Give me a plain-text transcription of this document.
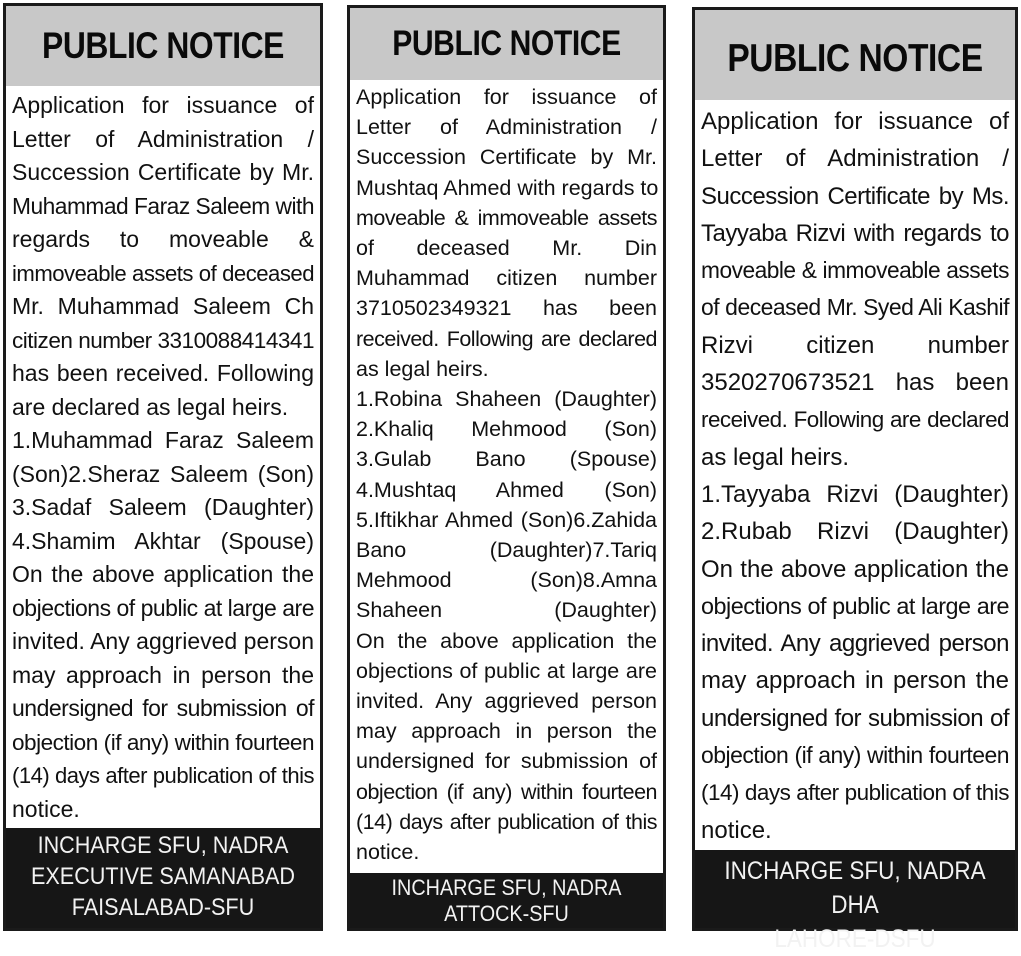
PUBLIC NOTICE
Application for issuance of
Letter of Administration /
Succession Certificate by Mr.
Muhammad Faraz Saleem with
regards to moveable &
immoveable assets of deceased
Mr. Muhammad Saleem Ch
citizen number 3310088414341
has been received. Following
are declared as legal heirs.
1.Muhammad Faraz Saleem
(Son)2.Sheraz Saleem (Son)
3.Sadaf Saleem (Daughter)
4.Shamim Akhtar (Spouse)
On the above application the
objections of public at large are
invited. Any aggrieved person
may approach in person the
undersigned for submission of
objection (if any) within fourteen
(14) days after publication of this
notice.
INCHARGE SFU, NADRA
EXECUTIVE SAMANABAD
FAISALABAD-SFU
PUBLIC NOTICE
Application for issuance of
Letter of Administration /
Succession Certificate by Mr.
Mushtaq Ahmed with regards to
moveable & immoveable assets
of deceased Mr. Din
Muhammad citizen number
3710502349321 has been
received. Following are declared
as legal heirs.
1.Robina Shaheen (Daughter)
2.Khaliq Mehmood (Son)
3.Gulab Bano (Spouse)
4.Mushtaq Ahmed (Son)
5.Iftikhar Ahmed (Son)6.Zahida
Bano (Daughter)7.Tariq
Mehmood (Son)8.Amna
Shaheen (Daughter)
On the above application the
objections of public at large are
invited. Any aggrieved person
may approach in person the
undersigned for submission of
objection (if any) within fourteen
(14) days after publication of this
notice.
INCHARGE SFU, NADRA
ATTOCK-SFU
PUBLIC NOTICE
Application for issuance of
Letter of Administration /
Succession Certificate by Ms.
Tayyaba Rizvi with regards to
moveable & immoveable assets
of deceased Mr. Syed Ali Kashif
Rizvi citizen number
3520270673521 has been
received. Following are declared
as legal heirs.
1.Tayyaba Rizvi (Daughter)
2.Rubab Rizvi (Daughter)
On the above application the
objections of public at large are
invited. Any aggrieved person
may approach in person the
undersigned for submission of
objection (if any) within fourteen
(14) days after publication of this
notice.
INCHARGE SFU, NADRA DHA
LAHORE-DSFU
